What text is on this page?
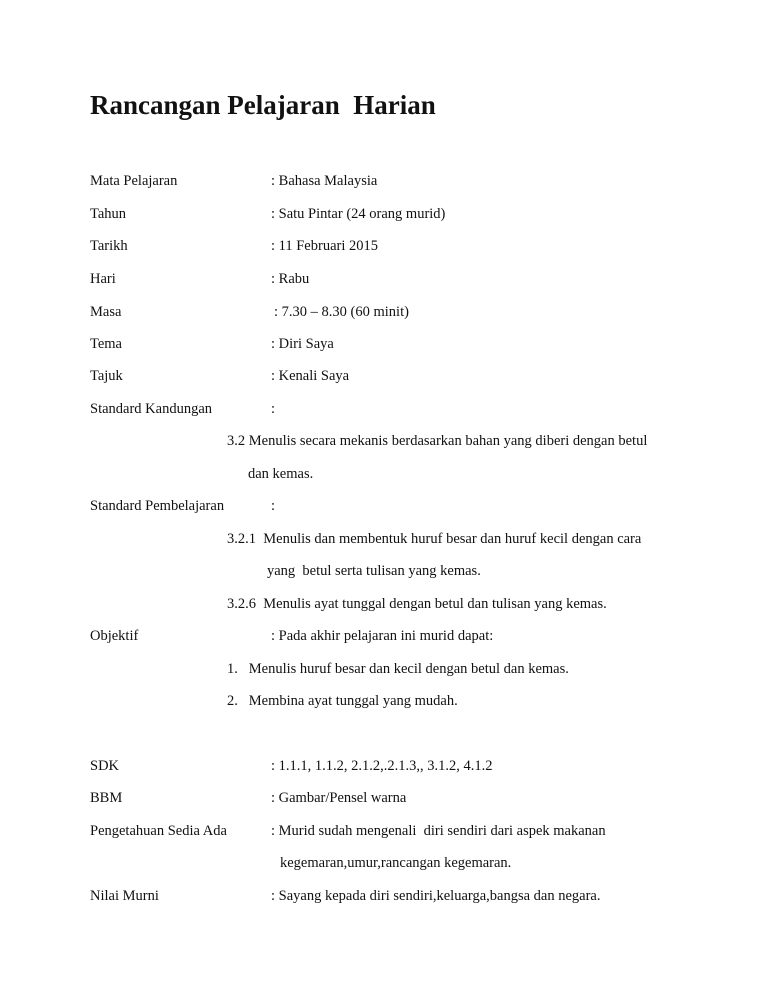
Rancangan Pelajaran  Harian
Mata Pelajaran	: Bahasa Malaysia
Tahun	: Satu Pintar (24 orang murid)
Tarikh	: 11 Februari 2015
Hari	: Rabu
Masa	: 7.30 – 8.30 (60 minit)
Tema	: Diri Saya
Tajuk	: Kenali Saya
Standard Kandungan	:
3.2 Menulis secara mekanis berdasarkan bahan yang diberi dengan betul
dan kemas.
Standard Pembelajaran	:
3.2.1  Menulis dan membentuk huruf besar dan huruf kecil dengan cara
yang  betul serta tulisan yang kemas.
3.2.6  Menulis ayat tunggal dengan betul dan tulisan yang kemas.
Objektif	: Pada akhir pelajaran ini murid dapat:
1.   Menulis huruf besar dan kecil dengan betul dan kemas.
2.   Membina ayat tunggal yang mudah.
SDK	: 1.1.1, 1.1.2, 2.1.2,.2.1.3,, 3.1.2, 4.1.2
BBM	: Gambar/Pensel warna
Pengetahuan Sedia Ada	: Murid sudah mengenali  diri sendiri dari aspek makanan
kegemaran,umur,rancangan kegemaran.
Nilai Murni	: Sayang kepada diri sendiri,keluarga,bangsa dan negara.
